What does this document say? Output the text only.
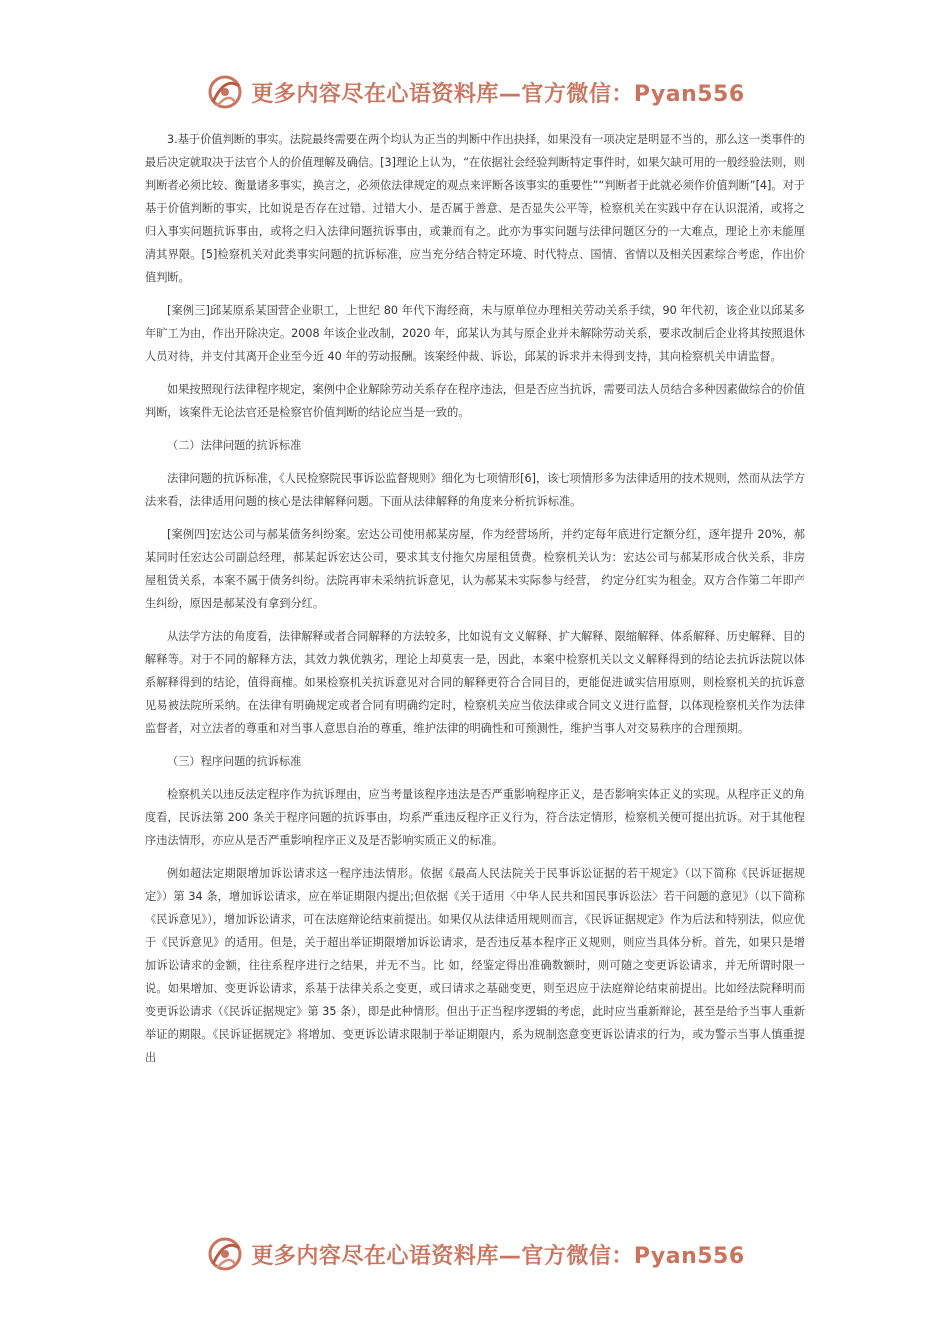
更多内容尽在心语资料库—官方微信：Pyan556

3.基于价值判断的事实。法院最终需要在两个均认为正当的判断中作出抉择，如果没有一项决定是明显不当的，那么这一类事件的最后决定就取决于法官个人的价值理解及确信。[3]理论上认为，“在依据社会经验判断特定事件时，如果欠缺可用的一般经验法则，则判断者必须比较、衡量诸多事实，换言之，必须依法律规定的观点来评断各该事实的重要性”“判断者于此就必须作价值判断”[4]。对于基于价值判断的事实，比如说是否存在过错、过错大小、是否属于善意、是否显失公平等，检察机关在实践中存在认识混淆，或将之归入事实问题抗诉事由，或将之归入法律问题抗诉事由，或兼而有之。此亦为事实问题与法律问题区分的一大难点，理论上亦未能厘清其界限。[5]检察机关对此类事实问题的抗诉标准，应当充分结合特定环境、时代特点、国情、省情以及相关因素综合考虑，作出价值判断。

[案例三]邱某原系某国营企业职工，上世纪 80 年代下海经商，未与原单位办理相关劳动关系手续，90 年代初，该企业以邱某多年旷工为由，作出开除决定。2008 年该企业改制，2020 年，邱某认为其与原企业并未解除劳动关系，要求改制后企业将其按照退休人员对待，并支付其离开企业至今近 40 年的劳动报酬。该案经仲裁、诉讼，邱某的诉求并未得到支持，其向检察机关申请监督。

如果按照现行法律程序规定，案例中企业解除劳动关系存在程序违法，但是否应当抗诉，需要司法人员结合多种因素做综合的价值判断，该案件无论法官还是检察官价值判断的结论应当是一致的。

（二）法律问题的抗诉标准

法律问题的抗诉标准，《人民检察院民事诉讼监督规则》细化为七项情形[6]，该七项情形多为法律适用的技术规则，然而从法学方法来看，法律适用问题的核心是法律解释问题。下面从法律解释的角度来分析抗诉标准。

[案例四]宏达公司与郝某债务纠纷案。宏达公司使用郝某房屋，作为经营场所，并约定每年底进行定额分红，逐年提升 20%，郝某同时任宏达公司副总经理，郝某起诉宏达公司，要求其支付拖欠房屋租赁费。检察机关认为：宏达公司与郝某形成合伙关系，非房屋租赁关系，本案不属于债务纠纷。法院再审未采纳抗诉意见，认为郝某未实际参与经营， 约定分红实为租金。双方合作第二年即产生纠纷，原因是郝某没有拿到分红。

从法学方法的角度看，法律解释或者合同解释的方法较多，比如说有文义解释、扩大解释、限缩解释、体系解释、历史解释、目的解释等。对于不同的解释方法，其效力孰优孰劣，理论上却莫衷一是，因此，本案中检察机关以文义解释得到的结论去抗诉法院以体系解释得到的结论，值得商榷。如果检察机关抗诉意见对合同的解释更符合合同目的，更能促进诚实信用原则，则检察机关的抗诉意见易被法院所采纳。在法律有明确规定或者合同有明确约定时，检察机关应当依法律或合同文义进行监督，以体现检察机关作为法律监督者，对立法者的尊重和对当事人意思自治的尊重，维护法律的明确性和可预测性，维护当事人对交易秩序的合理预期。

（三）程序问题的抗诉标准

检察机关以违反法定程序作为抗诉理由，应当考量该程序违法是否严重影响程序正义，是否影响实体正义的实现。从程序正义的角度看，民诉法第 200 条关于程序问题的抗诉事由，均系严重违反程序正义行为，符合法定情形，检察机关便可提出抗诉。对于其他程序违法情形，亦应从是否严重影响程序正义及是否影响实质正义的标准。

例如超法定期限增加诉讼请求这一程序违法情形。依据《最高人民法院关于民事诉讼证据的若干规定》（以下简称《民诉证据规定》）第 34 条，增加诉讼请求，应在举证期限内提出;但依据《关于适用〈中华人民共和国民事诉讼法〉若干问题的意见》（以下简称《民诉意见》），增加诉讼请求，可在法庭辩论结束前提出。如果仅从法律适用规则而言，《民诉证据规定》作为后法和特别法，似应优于《民诉意见》的适用。但是，关于超出举证期限增加诉讼请求，是否违反基本程序正义规则，则应当具体分析。首先，如果只是增加诉讼请求的金额，往往系程序进行之结果，并无不当。比 如，经鉴定得出准确数额时，则可随之变更诉讼请求，并无所谓时限一说。如果增加、变更诉讼请求，系基于法律关系之变更，或曰请求之基础变更，则至迟应于法庭辩论结束前提出。比如经法院释明而变更诉讼请求（《民诉证据规定》第 35 条），即是此种情形。但出于正当程序逻辑的考虑，此时应当重新辩论，甚至是给予当事人重新举证的期限。《民诉证据规定》将增加、变更诉讼请求限制于举证期限内，系为规制恣意变更诉讼请求的行为，或为警示当事人慎重提出

更多内容尽在心语资料库—官方微信：Pyan556
